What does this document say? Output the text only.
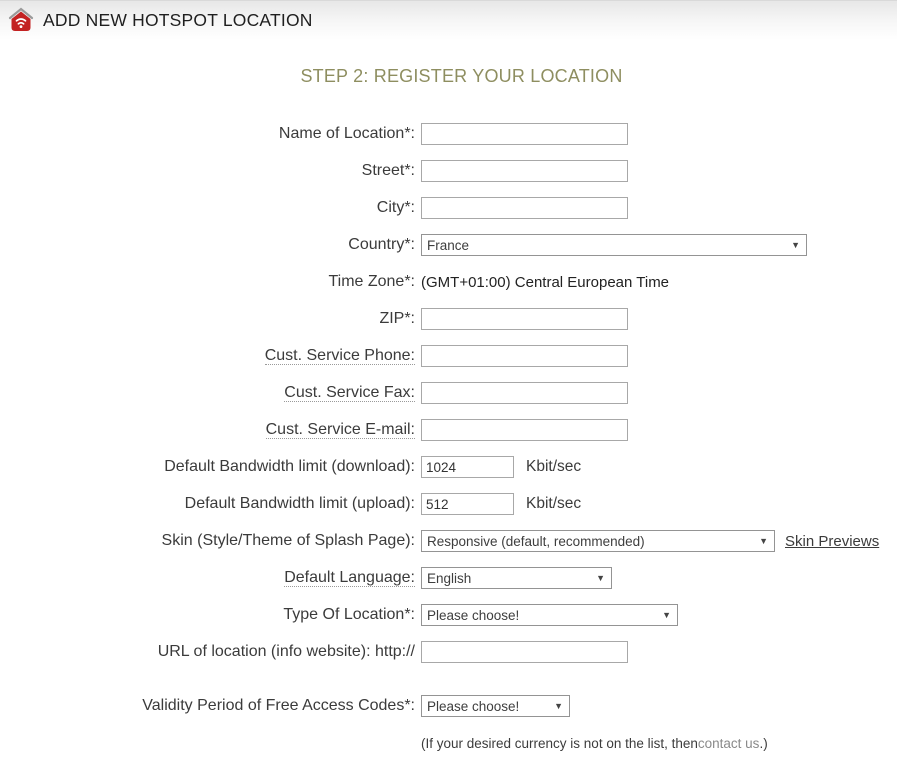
ADD NEW HOTSPOT LOCATION
STEP 2: REGISTER YOUR LOCATION
Name of Location*:
Street*:
City*:
Country*: France	▼
Time Zone*: (GMT+01:00) Central European Time
ZIP*:
Cust. Service Phone:
Cust. Service Fax:
Cust. Service E-mail:
Default Bandwidth limit (download):
1024	Kbit/sec
Default Bandwidth limit (upload):
512	Kbit/sec
Skin (Style/Theme of Splash Page): Responsive (default, recommended)	▼ Skin Previews
Default Language: English	▼
Type Of Location*: Please choose!	▼
URL of location (info website): http://
Validity Period of Free Access Codes*: Please choose!	▼
(If your desired currency is not on the list, then contact us .)
